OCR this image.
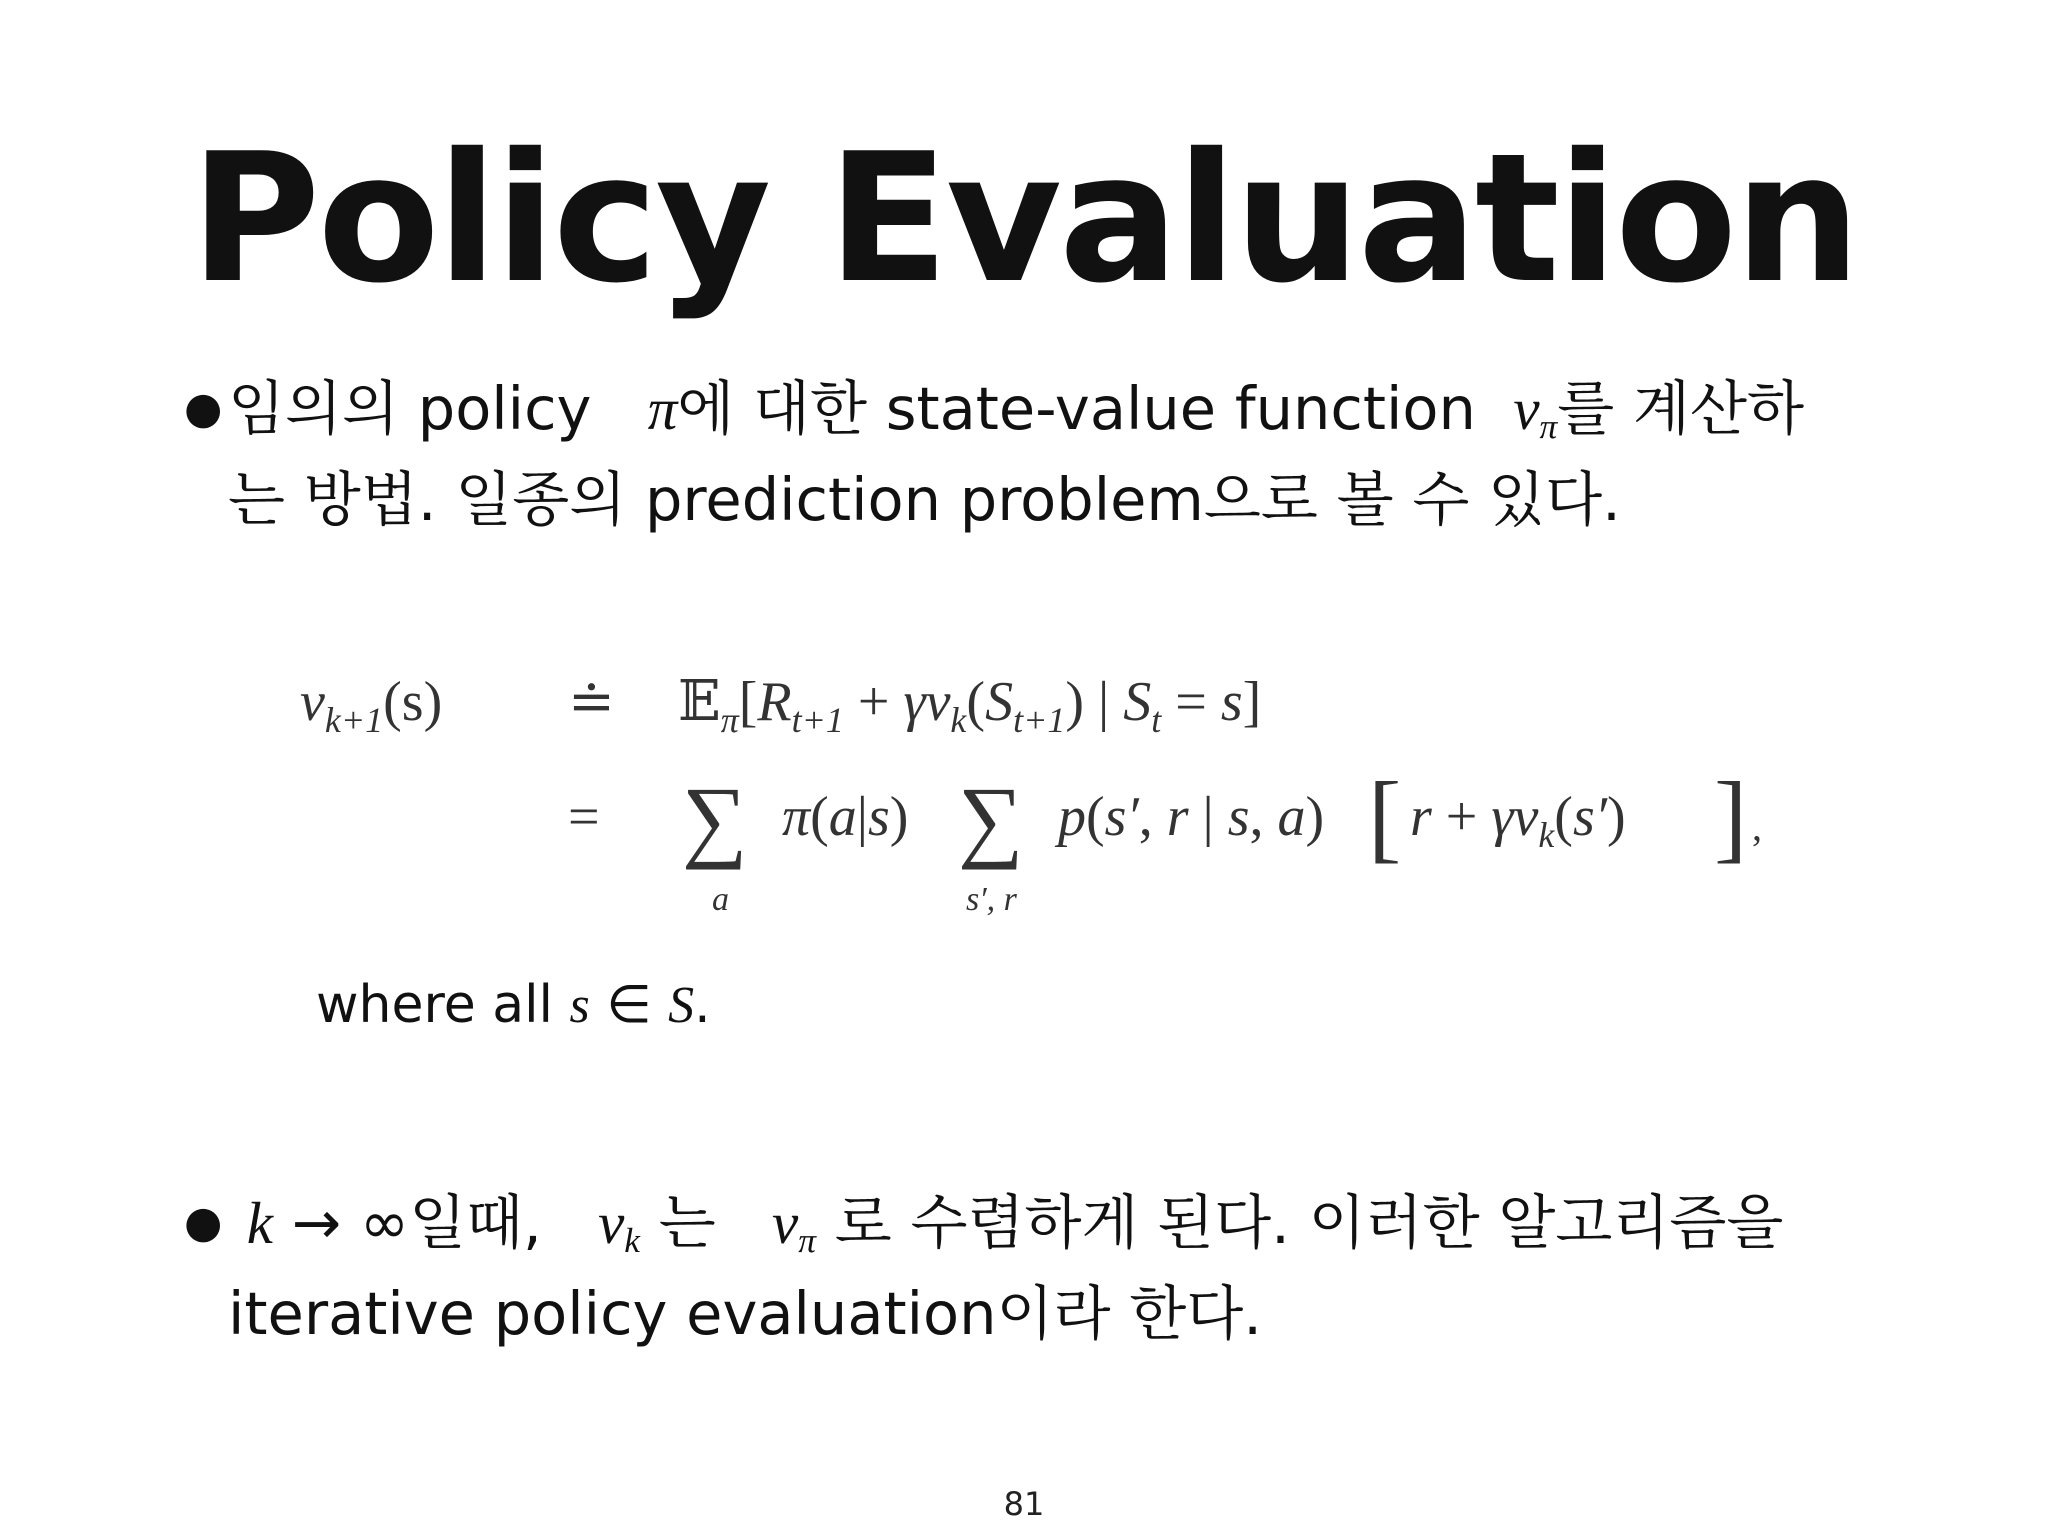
Policy Evaluation
● 임의의 policy π에 대한 state-value function $v_\pi$를 계산하
는 방법. 일종의 prediction problem으로 볼 수 있다.
$v_{k+1}(s)$ ≐ $𝔼_\pi[R_{t+1} + \gamma v_k(S_{t+1})$ | $S_t = s$]
= ∑
a
π(a|s) ∑
s′, r
p(s′, r | s, a) [ $r + \gamma v_k(s')$ ] ,
where all s ∈ S.
● k → ∞일때, $v_k$ 는 $v_\pi$ 로 수렴하게 된다. 이러한 알고리즘을
iterative policy evaluation이라 한다.
81
